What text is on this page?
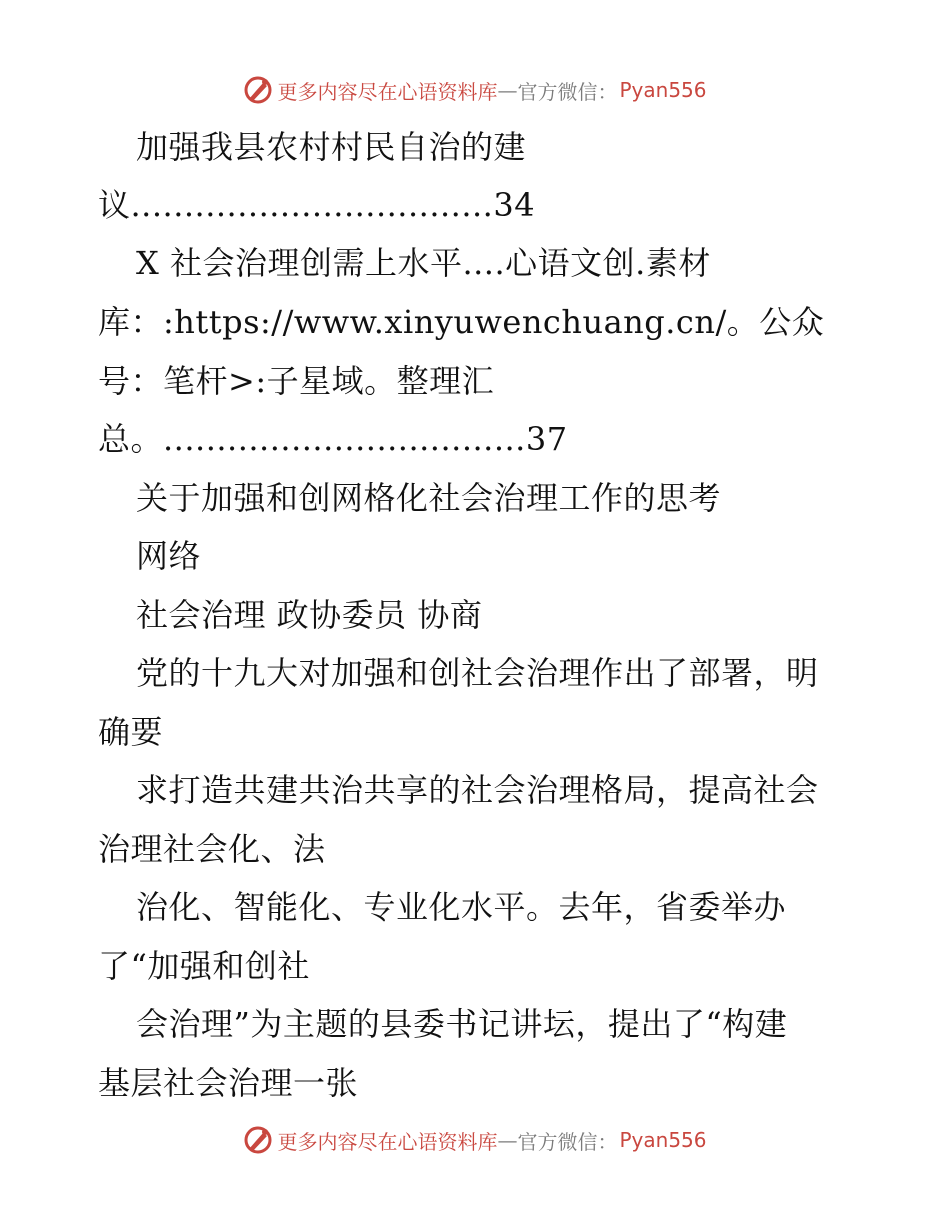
更多内容尽在心语资料库 — 官方微信： Pyan556
加强我县农村村民自治的建
议..................................34
X 社会治理创需上水平....心语文创.素材
库：:https://www.xinyuwenchuang.cn/。公众
号：笔杆>:子星域。整理汇
总。..................................37
关于加强和创网格化社会治理工作的思考
网络
社会治理 政协委员 协商
党的十九大对加强和创社会治理作出了部署，明
确要
求打造共建共治共享的社会治理格局，提高社会
治理社会化、法
治化、智能化、专业化水平。去年，省委举办
了“加强和创社
会治理”为主题的县委书记讲坛，提出了“构建
基层社会治理一张
更多内容尽在心语资料库 — 官方微信： Pyan556
